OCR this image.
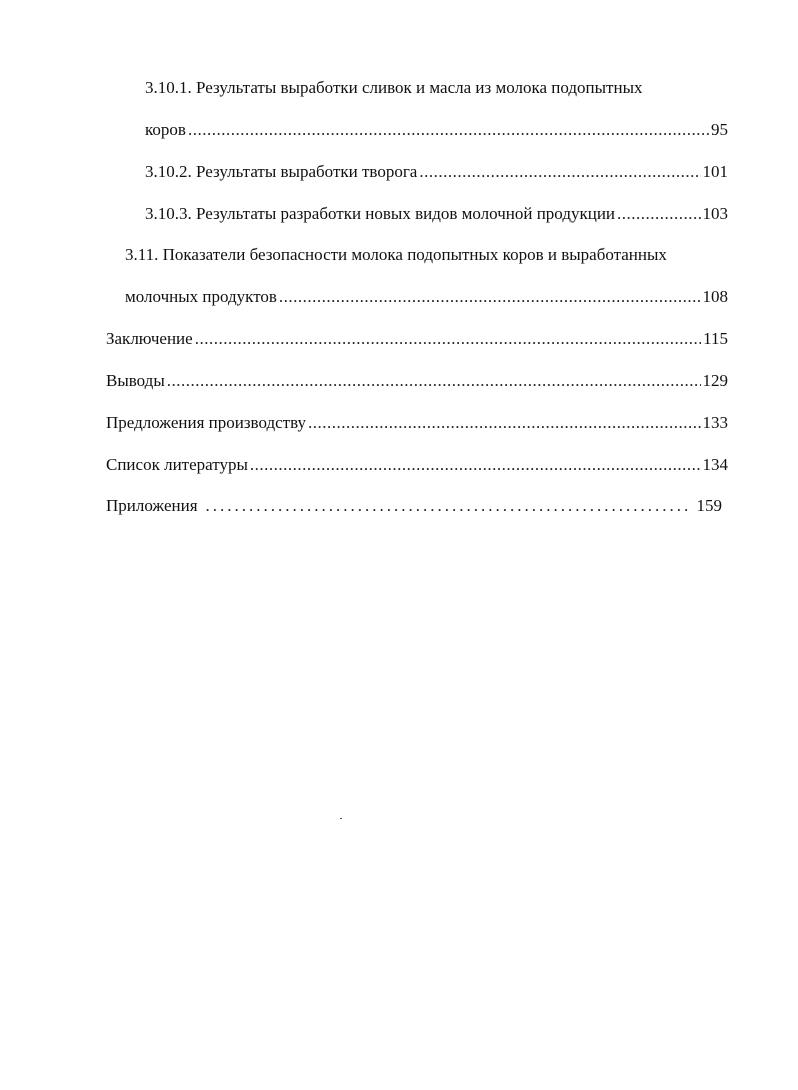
3.10.1. Результаты выработки сливок и масла из молока подопытных
коров .....	95
3.10.2. Результаты выработки творога .....	101
3.10.3. Результаты разработки новых видов молочной продукции .....	103
3.11. Показатели безопасности молока подопытных коров и выработанных
молочных продуктов .....	108
Заключение .....	115
Выводы .....	129
Предложения производству .....	133
Список литературы .....	134
Приложения .....	159
